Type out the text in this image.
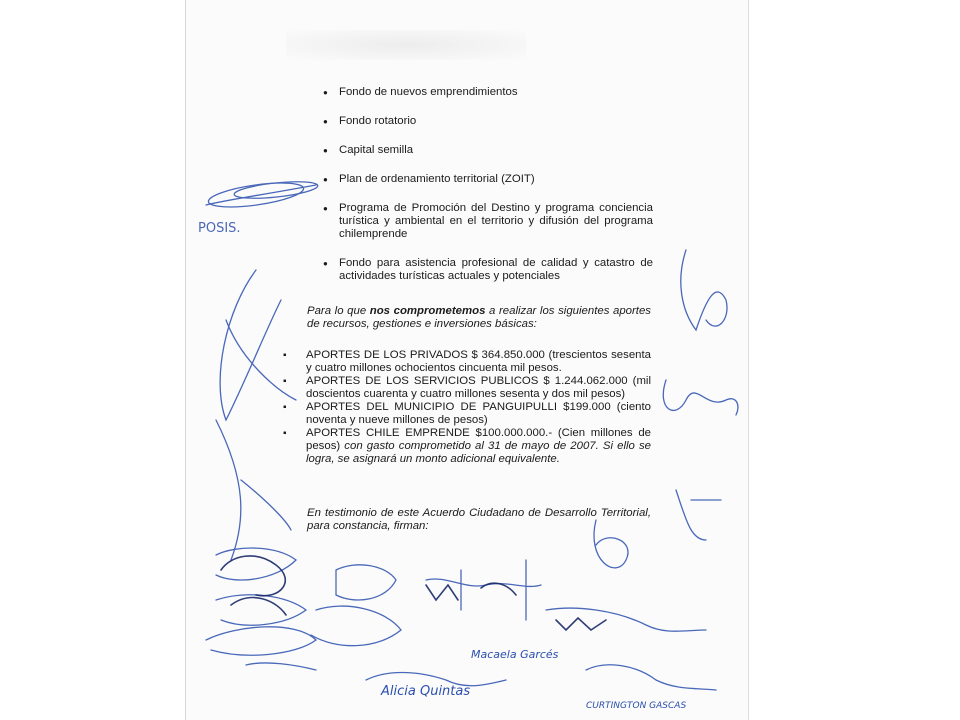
● Fondo de nuevos emprendimientos
● Fondo rotatorio
● Capital semilla
● Plan de ordenamiento territorial (ZOIT)
● Programa de Promoción del Destino y programa conciencia turística y ambiental en el territorio y difusión del programa chilemprende
● Fondo para asistencia profesional de calidad y catastro de actividades turísticas actuales y potenciales
Para lo que nos comprometemos a realizar los siguientes aportes de recursos, gestiones e inversiones básicas:
▪ APORTES DE LOS PRIVADOS $ 364.850.000 (trescientos sesenta y cuatro millones ochocientos cincuenta mil pesos.
▪ APORTES DE LOS SERVICIOS PUBLICOS $ 1.244.062.000 (mil doscientos cuarenta y cuatro millones sesenta y dos mil pesos)
▪ APORTES DEL MUNICIPIO DE PANGUIPULLI $199.000 (ciento noventa y nueve millones de pesos)
▪ APORTES CHILE EMPRENDE $100.000.000.- (Cien millones de pesos) con gasto comprometido al 31 de mayo de 2007. Si ello se logra, se asignará un monto adicional equivalente.
En testimonio de este Acuerdo Ciudadano de Desarrollo Territorial, para constancia, firman:
POSIS.
Macaela Garcés
Alicia Quintas
CURTINGTON GASCAS
